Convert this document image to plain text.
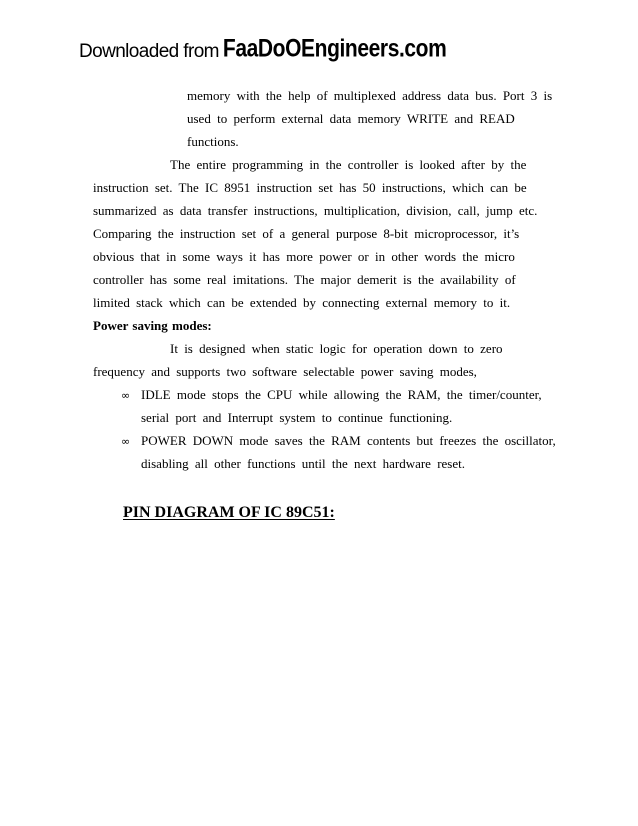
Downloaded from FaaDoOEngineers.com
memory with the help of multiplexed address data bus. Port 3 is
used to perform external data memory WRITE and READ
functions.
The entire programming in the controller is looked after by the
instruction set. The IC 8951 instruction set has 50 instructions, which can be
summarized as data transfer instructions, multiplication, division, call, jump etc.
Comparing the instruction set of a general purpose 8-bit microprocessor, it’s
obvious that in some ways it has more power or in other words the micro
controller has some real imitations. The major demerit is the availability of
limited stack which can be extended by connecting external memory to it.
Power saving modes:
It is designed when static logic for operation down to zero
frequency and supports two software selectable power saving modes,
∞ IDLE mode stops the CPU while allowing the RAM, the timer/counter,
serial port and Interrupt system to continue functioning.
∞ POWER DOWN mode saves the RAM contents but freezes the oscillator,
disabling all other functions until the next hardware reset.
PIN DIAGRAM OF IC 89C51:
